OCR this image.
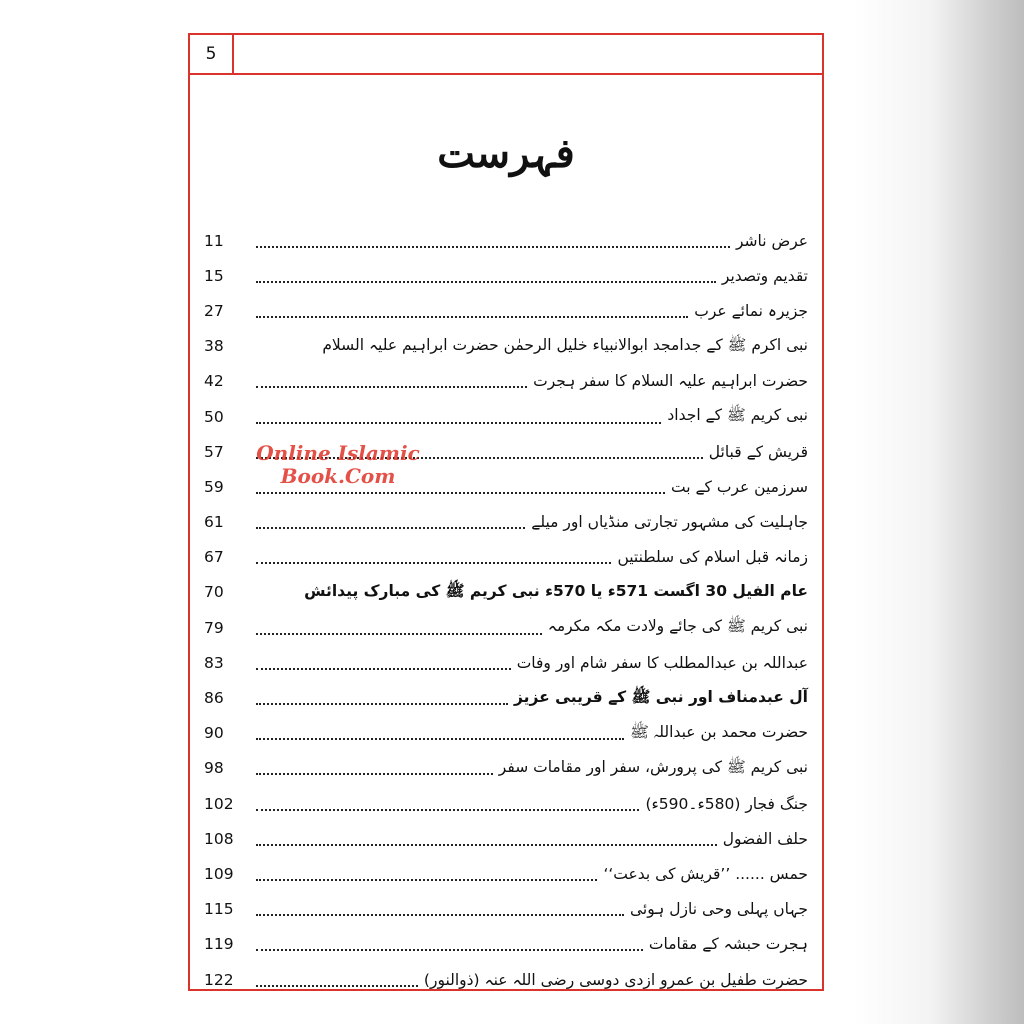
5
فہرست
عرض ناشر
11
تقدیم وتصدیر
15
جزیرہ نمائے عرب
27
نبی اکرم ﷺ کے جدامجد ابوالانبیاء خلیل الرحمٰن حضرت ابراہیم علیہ السلام
38
حضرت ابراہیم علیہ السلام کا سفر ہجرت
42
نبی کریم ﷺ کے اجداد
50
قریش کے قبائل
57
سرزمین عرب کے بت
59
جاہلیت کی مشہور تجارتی منڈیاں اور میلے
61
زمانہ قبل اسلام کی سلطنتیں
67
عام الفیل 30 اگست 571ء یا 570ء نبی کریم ﷺ کی مبارک پیدائش
70
نبی کریم ﷺ کی جائے ولادت مکہ مکرمہ
79
عبداللہ بن عبدالمطلب کا سفر شام اور وفات
83
آل عبدمناف اور نبی ﷺ کے قریبی عزیز
86
حضرت محمد بن عبداللہ ﷺ
90
نبی کریم ﷺ کی پرورش، سفر اور مقامات سفر
98
جنگ فجار (580ء۔590ء)
102
حلف الفضول
108
حمس ...... ’’قریش کی بدعت‘‘
109
جہاں پہلی وحی نازل ہوئی
115
ہجرت حبشہ کے مقامات
119
حضرت طفیل بن عمرو ازدی دوسی رضی اللہ عنہ (ذوالنور)
122
Online Islamic
Book.Com
